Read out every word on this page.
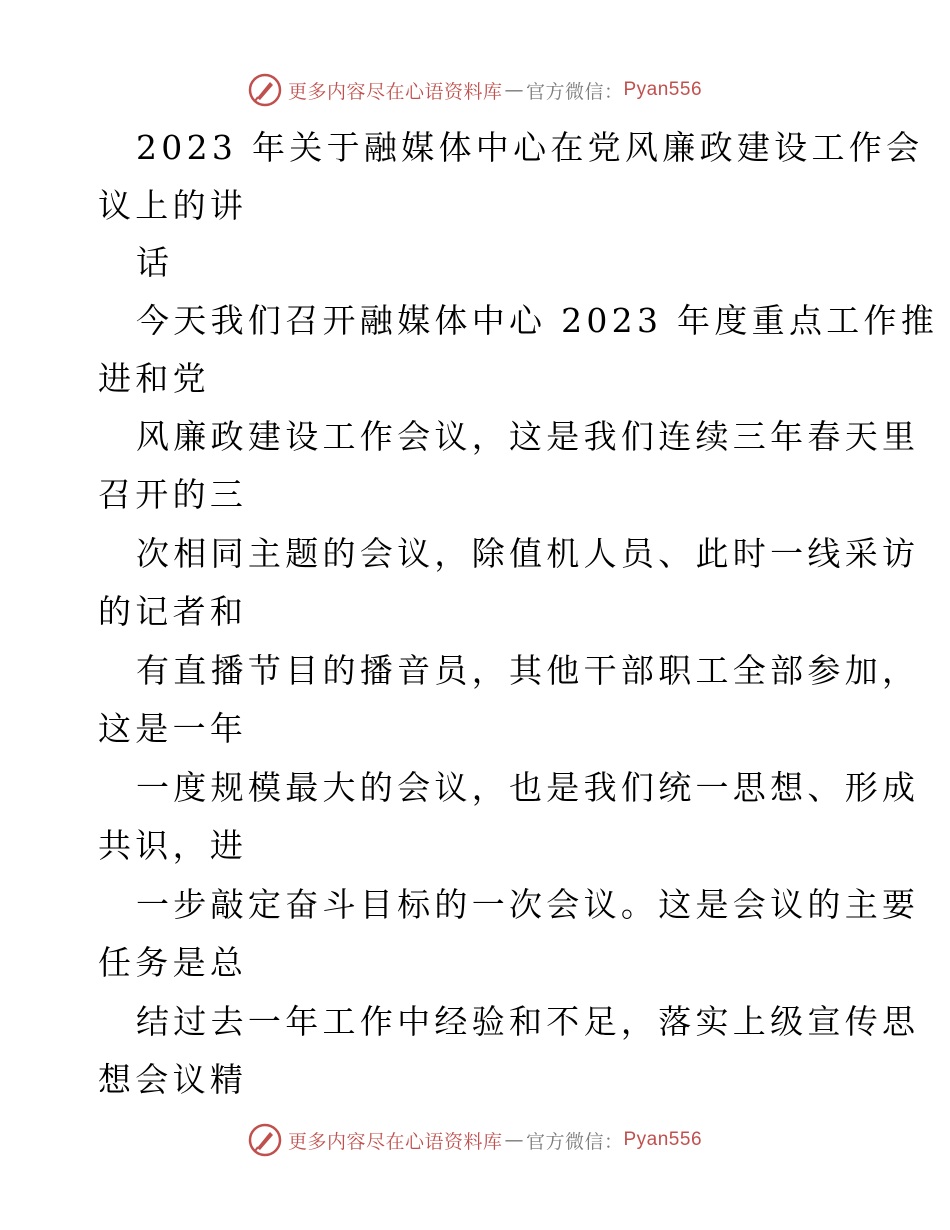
更多内容尽在心语资料库 — 官方微信： Pyan556
2023 年关于融媒体中心在党风廉政建设工作会
议上的讲
话
今天我们召开融媒体中心 2023 年度重点工作推
进和党
风廉政建设工作会议，这是我们连续三年春天里
召开的三
次相同主题的会议，除值机人员、此时一线采访
的记者和
有直播节目的播音员，其他干部职工全部参加，
这是一年
一度规模最大的会议，也是我们统一思想、形成
共识，进
一步敲定奋斗目标的一次会议。这是会议的主要
任务是总
结过去一年工作中经验和不足，落实上级宣传思
想会议精
更多内容尽在心语资料库 — 官方微信： Pyan556
